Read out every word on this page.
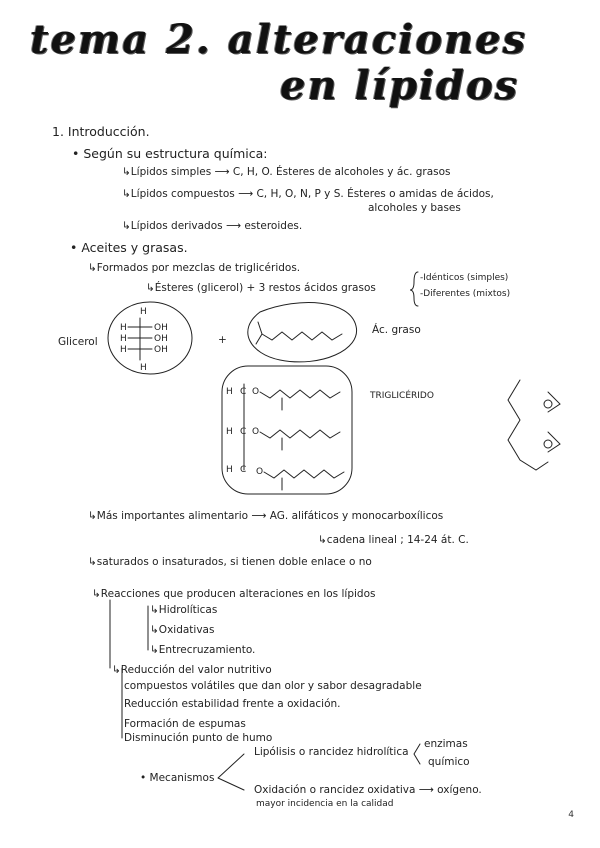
tema 2. alteraciones
en lípidos
1. Introducción.
• Según su estructura química:
↳Lípidos simples ⟶ C, H, O. Ésteres de alcoholes y ác. grasos
↳Lípidos compuestos ⟶ C, H, O, N, P y S. Ésteres o amidas de ácidos,
alcoholes y bases
↳Lípidos derivados ⟶ esteroides.
• Aceites y grasas.
↳Formados por mezclas de triglicéridos.
↳Ésteres (glicerol) + 3 restos ácidos grasos
-Idénticos (simples)
-Diferentes (mixtos)
Glicerol
H
H
H
H
OH
OH
OH
H
+
Ác. graso
H C O
H C O
H C O
TRIGLICÉRIDO
↳Más importantes alimentario ⟶ AG. alifáticos y monocarboxílicos
↳cadena lineal ; 14-24 át. C.
↳saturados o insaturados, si tienen doble enlace o no
↳Reacciones que producen alteraciones en los lípidos
↳Hidrolíticas
↳Oxidativas
↳Entrecruzamiento.
↳Reducción del valor nutritivo
compuestos volátiles que dan olor y sabor desagradable
Reducción estabilidad frente a oxidación.
Formación de espumas
Disminución punto de humo
• Mecanismos
Lipólisis o rancidez hidrolítica
enzimas
químico
Oxidación o rancidez oxidativa ⟶ oxígeno.
mayor incidencia en la calidad
4
